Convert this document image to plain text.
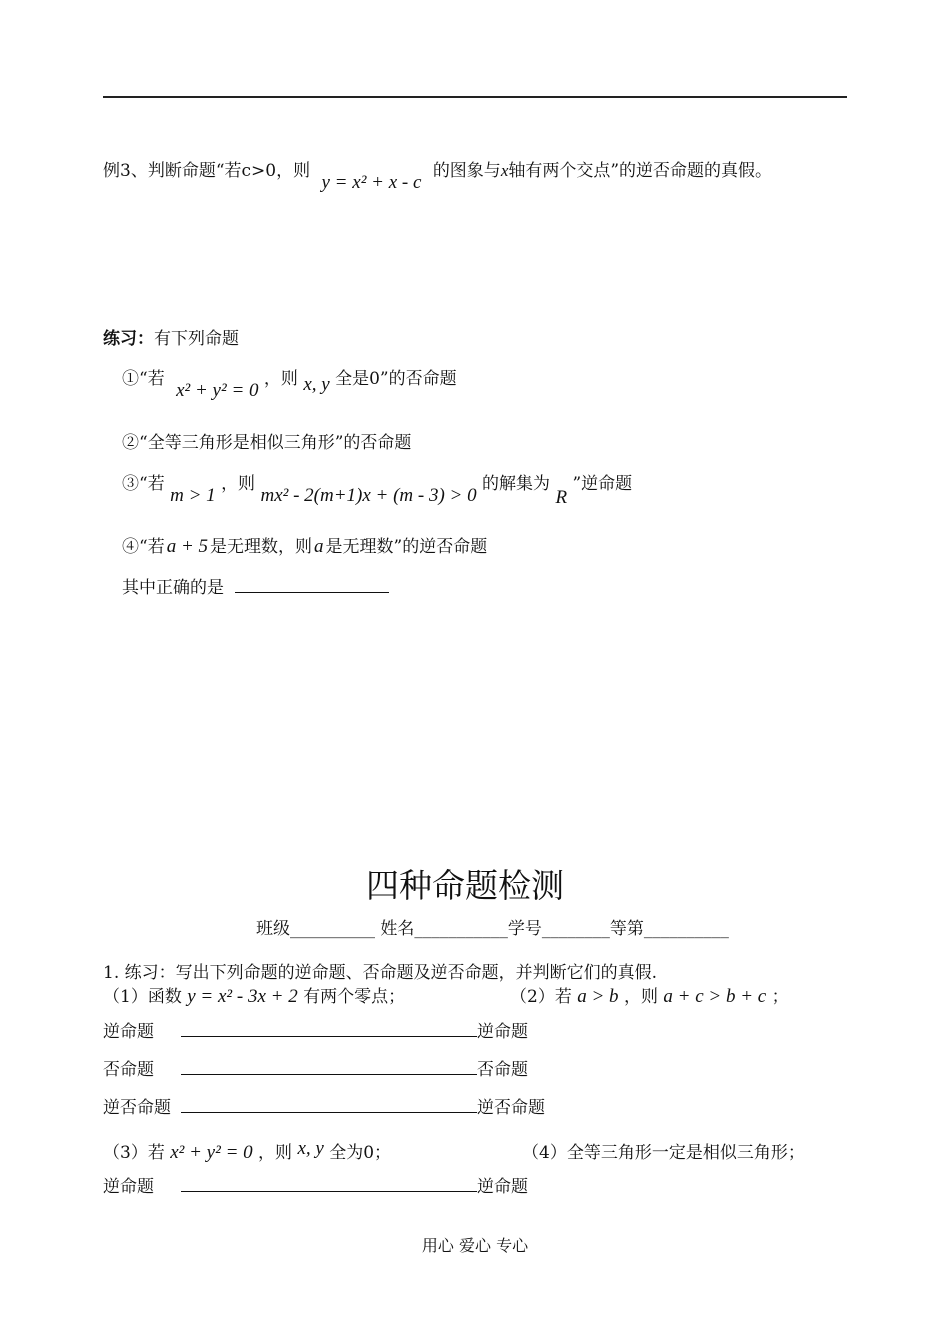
例3、判断命题“若c>0，则 y = x² + x - c 的图象与x轴有两个交点”的逆否命题的真假。
练习：有下列命题
①“若 x² + y² = 0 ，则 x, y 全是0”的否命题
②“全等三角形是相似三角形”的否命题
③“若 m > 1 ，则 mx² - 2(m+1)x + (m - 3) > 0 的解集为 R ”逆命题
④“若 a + 5 是无理数，则 a 是无理数”的逆否命题
其中正确的是
四种命题检测
班级__________ 姓名___________学号________等第__________
1. 练习：写出下列命题的逆命题、否命题及逆否命题，并判断它们的真假.
（1）函数 y = x² - 3x + 2 有两个零点；	（2）若 a > b ，则 a + c > b + c ；
逆命题	逆命题
否命题	否命题
逆否命题	逆否命题
（3）若 x² + y² = 0 ，则 x, y 全为0；	（4）全等三角形一定是相似三角形；
逆命题	逆命题
用心 爱心 专心
